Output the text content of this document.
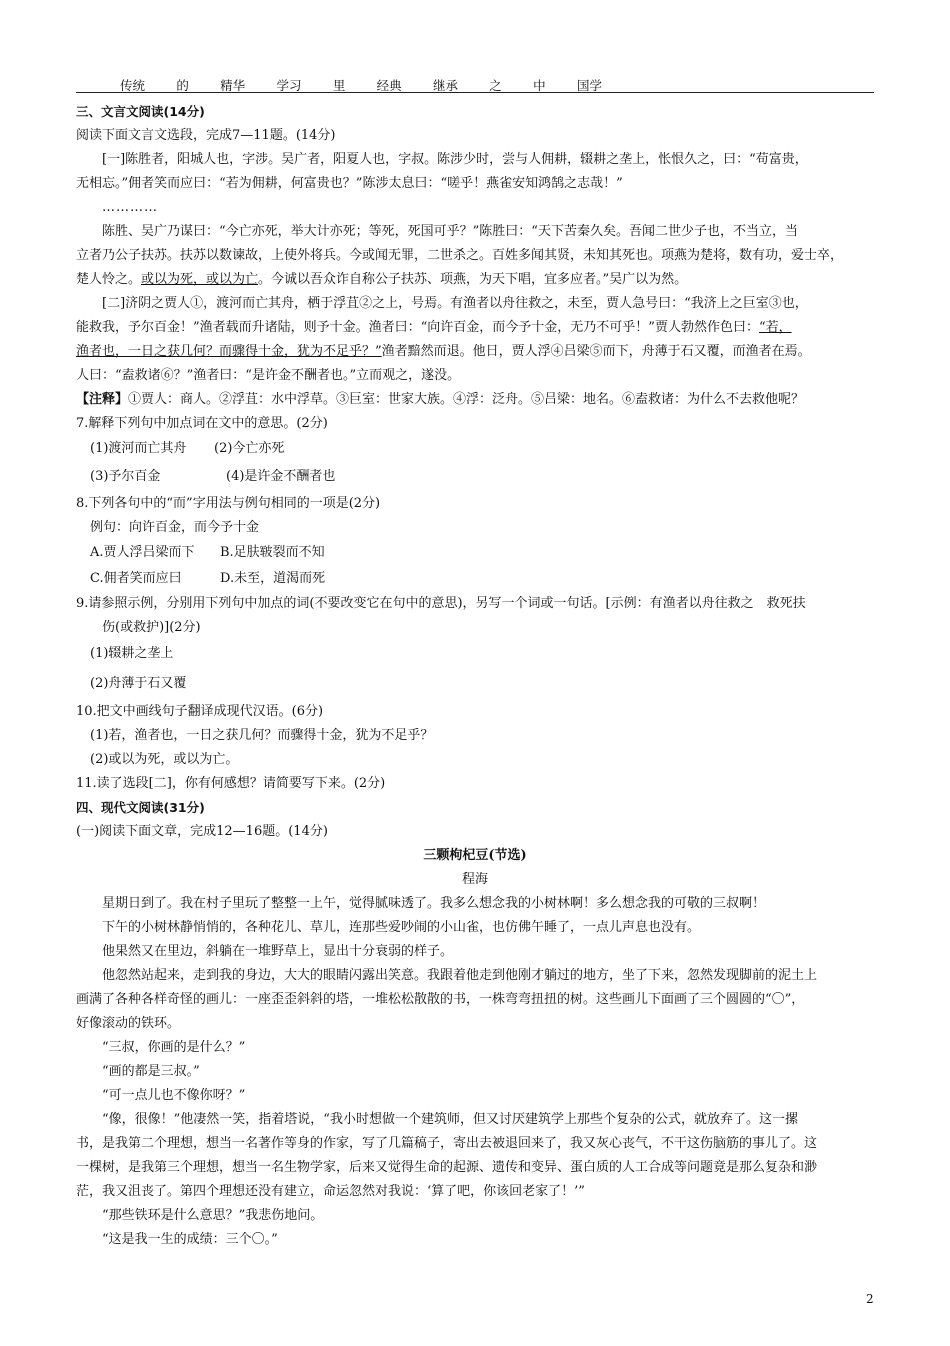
传统	的	精华	学习	里	经典	继承	之	中	国学

三、文言文阅读(14分)

阅读下面文言文选段，完成7—11题。(14分)

[一]陈胜者，阳城人也，字涉。吴广者，阳夏人也，字叔。陈涉少时，尝与人佣耕，辍耕之垄上，怅恨久之，曰：“苟富贵，

无相忘。”佣者笑而应曰：“若为佣耕，何富贵也？”陈涉太息曰：“嗟乎！燕雀安知鸿鹄之志哉！”

…………

陈胜、吴广乃谋曰：“今亡亦死，举大计亦死；等死，死国可乎？”陈胜曰：“天下苦秦久矣。吾闻二世少子也，不当立，当

立者乃公子扶苏。扶苏以数谏故，上使外将兵。今或闻无罪，二世杀之。百姓多闻其贤，未知其死也。项燕为楚将，数有功，爱士卒，

楚人怜之。或以为死，或以为亡。今诚以吾众诈自称公子扶苏、项燕，为天下唱，宜多应者。”吴广以为然。

[二]济阴之贾人①，渡河而亡其舟，栖于浮苴②之上，号焉。有渔者以舟往救之，未至，贾人急号曰：“我济上之巨室③也，

能救我，予尔百金！”渔者载而升诸陆，则予十金。渔者曰：“向许百金，而今予十金，无乃不可乎！”贾人勃然作色曰：“若，

渔者也，一日之获几何？而骤得十金，犹为不足乎？”渔者黯然而退。他日，贾人浮④吕梁⑤而下，舟薄于石又覆，而渔者在焉。

人曰：“盍救诸⑥？”渔者曰：“是许金不酬者也。”立而观之，遂没。

【注释】①贾人：商人。②浮苴：水中浮草。③巨室：世家大族。④浮：泛舟。⑤吕梁：地名。⑥盍救诸：为什么不去救他呢？

7.解释下列句中加点词在文中的意思。(2分)

(1)渡河而亡其舟	(2)今亡亦死
(3)予尔百金	(4)是许金不酬者也

8.下列各句中的“而”字用法与例句相同的一项是(2分)

例句：向许百金，而今予十金

A.贾人浮吕梁而下	B.足肤皲裂而不知
C.佣者笑而应曰	D.未至，道渴而死

9.请参照示例，分别用下列句中加点的词(不要改变它在句中的意思)，另写一个词或一句话。[示例：有渔者以舟往救之　救死扶

伤(或救护)](2分)

(1)辍耕之垄上

(2)舟薄于石又覆

10.把文中画线句子翻译成现代汉语。(6分)

(1)若，渔者也，一日之获几何？而骤得十金，犹为不足乎？

(2)或以为死，或以为亡。

11.读了选段[二]，你有何感想？请简要写下来。(2分)

四、现代文阅读(31分)

(一)阅读下面文章，完成12—16题。(14分)

三颗枸杞豆(节选)

程海

星期日到了。我在村子里玩了整整一上午，觉得腻味透了。我多么想念我的小树林啊！多么想念我的可敬的三叔啊！

下午的小树林静悄悄的，各种花儿、草儿，连那些爱吵闹的小山雀，也仿佛午睡了，一点儿声息也没有。

他果然又在里边，斜躺在一堆野草上，显出十分衰弱的样子。

他忽然站起来，走到我的身边，大大的眼睛闪露出笑意。我跟着他走到他刚才躺过的地方，坐了下来，忽然发现脚前的泥土上

画满了各种各样奇怪的画儿：一座歪歪斜斜的塔，一堆松松散散的书，一株弯弯扭扭的树。这些画儿下面画了三个圆圆的“〇”，

好像滚动的铁环。

“三叔，你画的是什么？”

“画的都是三叔。”

“可一点儿也不像你呀？”

“像，很像！”他凄然一笑，指着塔说，“我小时想做一个建筑师，但又讨厌建筑学上那些个复杂的公式，就放弃了。这一摞

书，是我第二个理想，想当一名著作等身的作家，写了几篇稿子，寄出去被退回来了，我又灰心丧气，不干这伤脑筋的事儿了。这

一棵树，是我第三个理想，想当一名生物学家，后来又觉得生命的起源、遗传和变异、蛋白质的人工合成等问题竟是那么复杂和渺

茫，我又沮丧了。第四个理想还没有建立，命运忽然对我说：‘算了吧，你该回老家了！’”

“那些铁环是什么意思？”我悲伤地问。

“这是我一生的成绩：三个〇。”

2
